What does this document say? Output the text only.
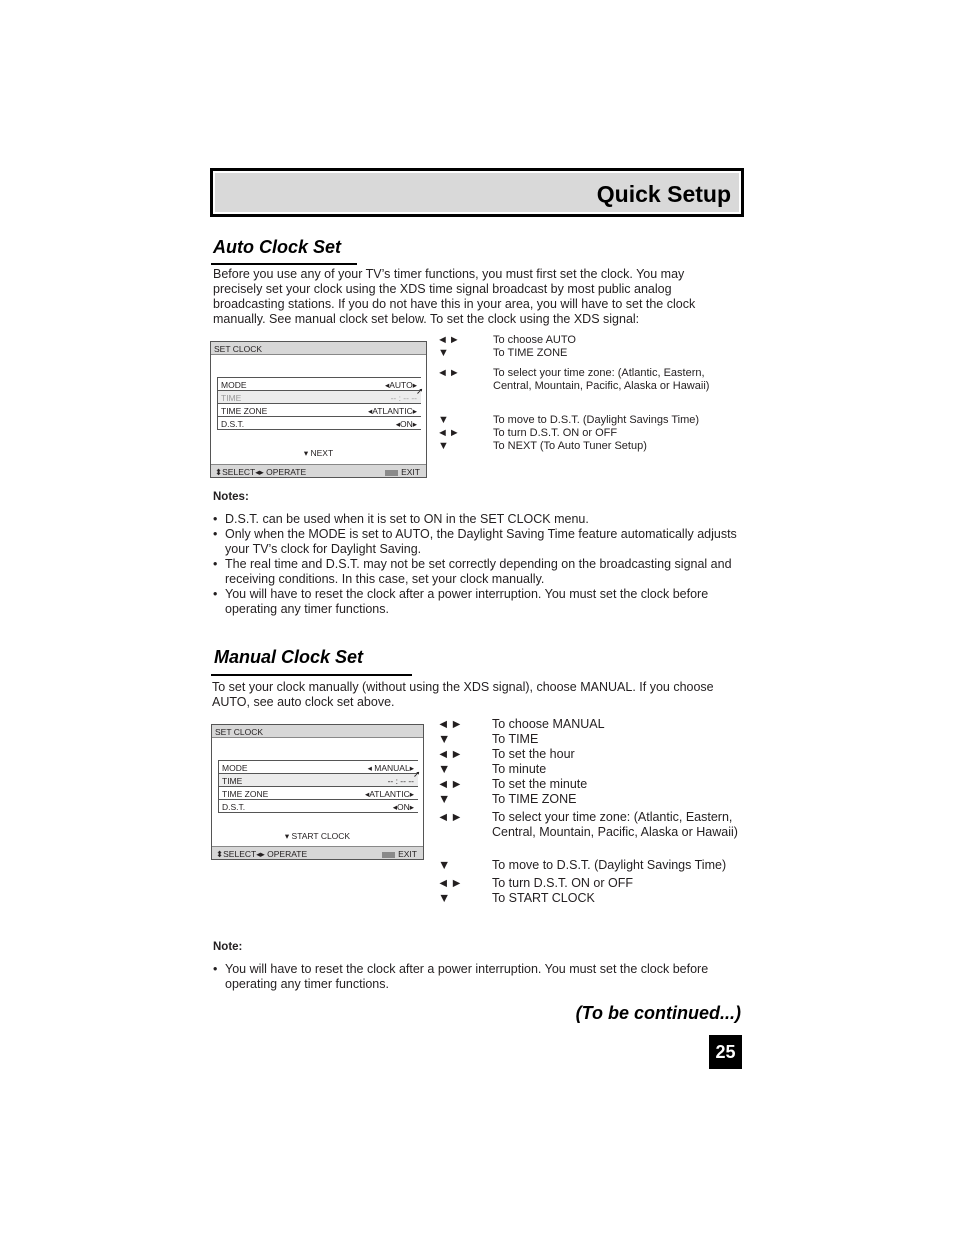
Quick Setup
Auto Clock Set

Before you use any of your TV’s timer functions, you must first set the clock. You may precisely set your clock using the XDS time signal broadcast by most public analog broadcasting stations. If you do not have this in your area, you will have to set the clock manually. See manual clock set below. To set the clock using the XDS signal:

SET CLOCK
MODE	◂AUTO▸
TIME	-- : -- --
TIME ZONE	◂ATLANTIC▸
D.S.T.	◂ON▸
➚
▾ NEXT
⬍SELECT◂▸ OPERATE	EXIT
◄►	To choose AUTO
▼	To TIME ZONE
◄►	To select your time zone: (Atlantic, Eastern, Central, Mountain, Pacific, Alaska or Hawaii)
▼	To move to D.S.T. (Daylight Savings Time)
◄►	To turn D.S.T. ON or OFF
▼	To NEXT (To Auto Tuner Setup)
Notes:
• D.S.T. can be used when it is set to ON in the SET CLOCK menu.
• Only when the MODE is set to AUTO, the Daylight Saving Time feature automatically adjusts your TV’s clock for Daylight Saving.
• The real time and D.S.T. may not be set correctly depending on the broadcasting signal and receiving conditions. In this case, set your clock manually.
• You will have to reset the clock after a power interruption. You must set the clock before operating any timer functions.
Manual Clock Set

To set your clock manually (without using the XDS signal), choose MANUAL. If you choose AUTO, see auto clock set above.

SET CLOCK
MODE	◂ MANUAL▸
TIME	-- : -- --
TIME ZONE	◂ATLANTIC▸
D.S.T.	◂ON▸
➚
▾ START CLOCK
⬍SELECT◂▸ OPERATE	EXIT
◄► To choose MANUAL
▼	To TIME
◄► To set the hour
▼	To minute
◄► To set the minute
▼	To TIME ZONE
◄► To select your time zone: (Atlantic, Eastern, Central, Mountain, Pacific, Alaska or Hawaii)
▼	To move to D.S.T. (Daylight Savings Time)
◄► To turn D.S.T. ON or OFF
▼	To START CLOCK
Note:
• You will have to reset the clock after a power interruption. You must set the clock before operating any timer functions.
(To be continued...)
25
